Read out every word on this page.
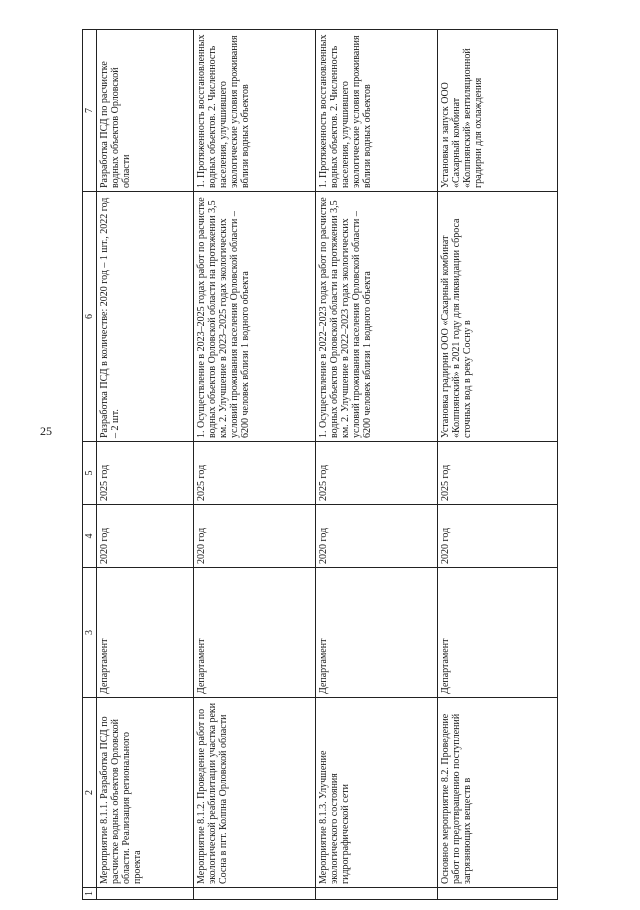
25
1	2	3	4	5	6	7
	Мероприятие 8.1.1. Разработка ПСД по расчистке водных объектов Орловской области. Реализация регионального проекта	Департамент	2020 год	2025 год	Разработка ПСД в количестве: 2020 год – 1 шт., 2022 год – 2 шт.	Разработка ПСД по расчистке водных объектов Орловской области
	Мероприятие 8.1.2. Проведение работ по экологической реабилитации участка реки Сосна в пгт. Колпна Орловской области	Департамент	2020 год	2025 год	1. Осуществление в 2023–2025 годах работ по расчистке водных объектов Орловской области на протяжении 3,5 км. 2. Улучшение в 2023–2025 годах экологических условий проживания населения Орловской области – 6200 человек вблизи 1 водного объекта	1. Протяженность восстановленных водных объектов. 2. Численность населения, улучшившего экологические условия проживания вблизи водных объектов
	Мероприятие 8.1.3. Улучшение экологического состояния гидрографической сети	Департамент	2020 год	2025 год	1. Осуществление в 2022–2023 годах работ по расчистке водных объектов Орловской области на протяжении 3,5 км. 2. Улучшение в 2022–2023 годах экологических условий проживания населения Орловской области – 6200 человек вблизи 1 водного объекта	1. Протяженность восстановленных водных объектов. 2. Численность населения, улучшившего экологические условия проживания вблизи водных объектов
	Основное мероприятие 8.2. Проведение работ по предотвращению поступлений загрязняющих веществ в	Департамент	2020 год	2025 год	Установка градирни ООО «Сахарный комбинат «Колпнянский» в 2021 году для ликвидации сброса сточных вод в реку Сосну в	Установка и запуск ООО «Сахарный комбинат «Колпнянский» вентиляционной градирни для охлаждения
